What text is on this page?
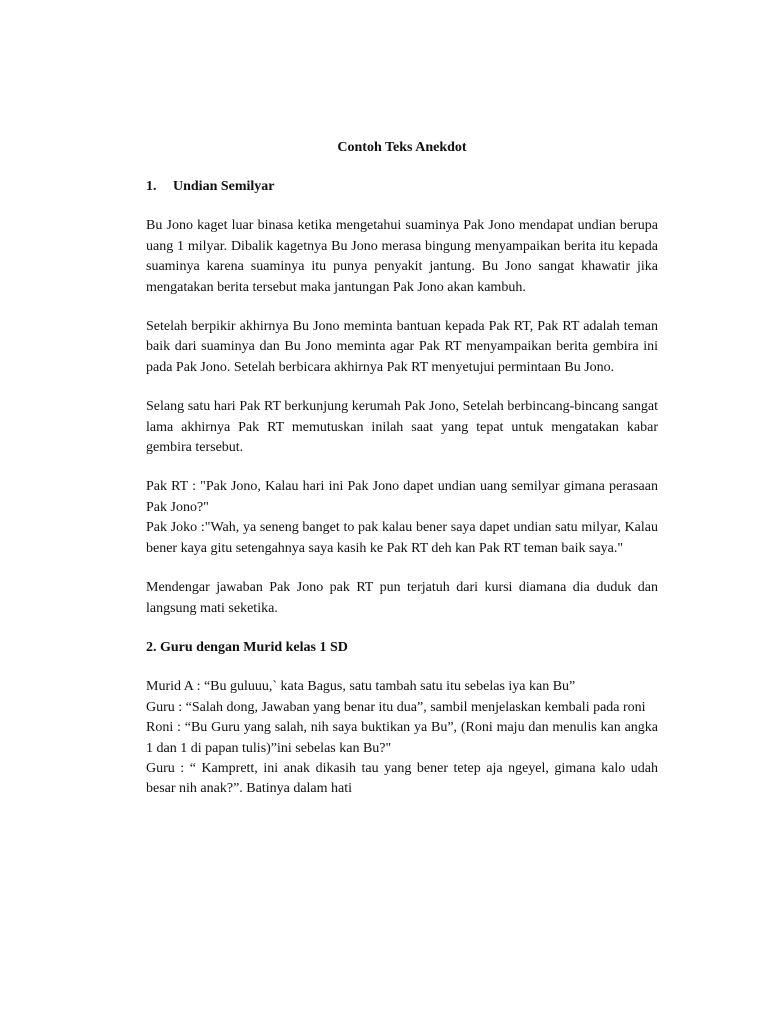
Contoh Teks Anekdot

1. Undian Semilyar

Bu Jono kaget luar binasa ketika mengetahui suaminya Pak Jono mendapat undian berupa uang 1 milyar. Dibalik kagetnya Bu Jono merasa bingung menyampaikan berita itu kepada suaminya karena suaminya itu punya penyakit jantung. Bu Jono sangat khawatir jika mengatakan berita tersebut maka jantungan Pak Jono akan kambuh.

Setelah berpikir akhirnya Bu Jono meminta bantuan kepada Pak RT, Pak RT adalah teman baik dari suaminya dan Bu Jono meminta agar Pak RT menyampaikan berita gembira ini pada Pak Jono. Setelah berbicara akhirnya Pak RT menyetujui permintaan Bu Jono.

Selang satu hari Pak RT berkunjung kerumah Pak Jono, Setelah berbincang-bincang sangat lama akhirnya Pak RT memutuskan inilah saat yang tepat untuk mengatakan kabar gembira tersebut.

Pak RT : "Pak Jono, Kalau hari ini Pak Jono dapet undian uang semilyar gimana perasaan Pak Jono?"

Pak Joko :"Wah, ya seneng banget to pak kalau bener saya dapet undian satu milyar, Kalau bener kaya gitu setengahnya saya kasih ke Pak RT deh kan Pak RT teman baik saya."

Mendengar jawaban Pak Jono pak RT pun terjatuh dari kursi diamana dia duduk dan langsung mati seketika.

2. Guru dengan Murid kelas 1 SD

Murid A : “Bu guluuu,` kata Bagus, satu tambah satu itu sebelas iya kan Bu”

Guru : “Salah dong, Jawaban yang benar itu dua”, sambil menjelaskan kembali pada roni

Roni : “Bu Guru yang salah, nih saya buktikan ya Bu”, (Roni maju dan menulis kan angka 1 dan 1 di papan tulis)”ini sebelas kan Bu?"

Guru : “ Kamprett, ini anak dikasih tau yang bener tetep aja ngeyel, gimana kalo udah besar nih anak?”. Batinya dalam hati
